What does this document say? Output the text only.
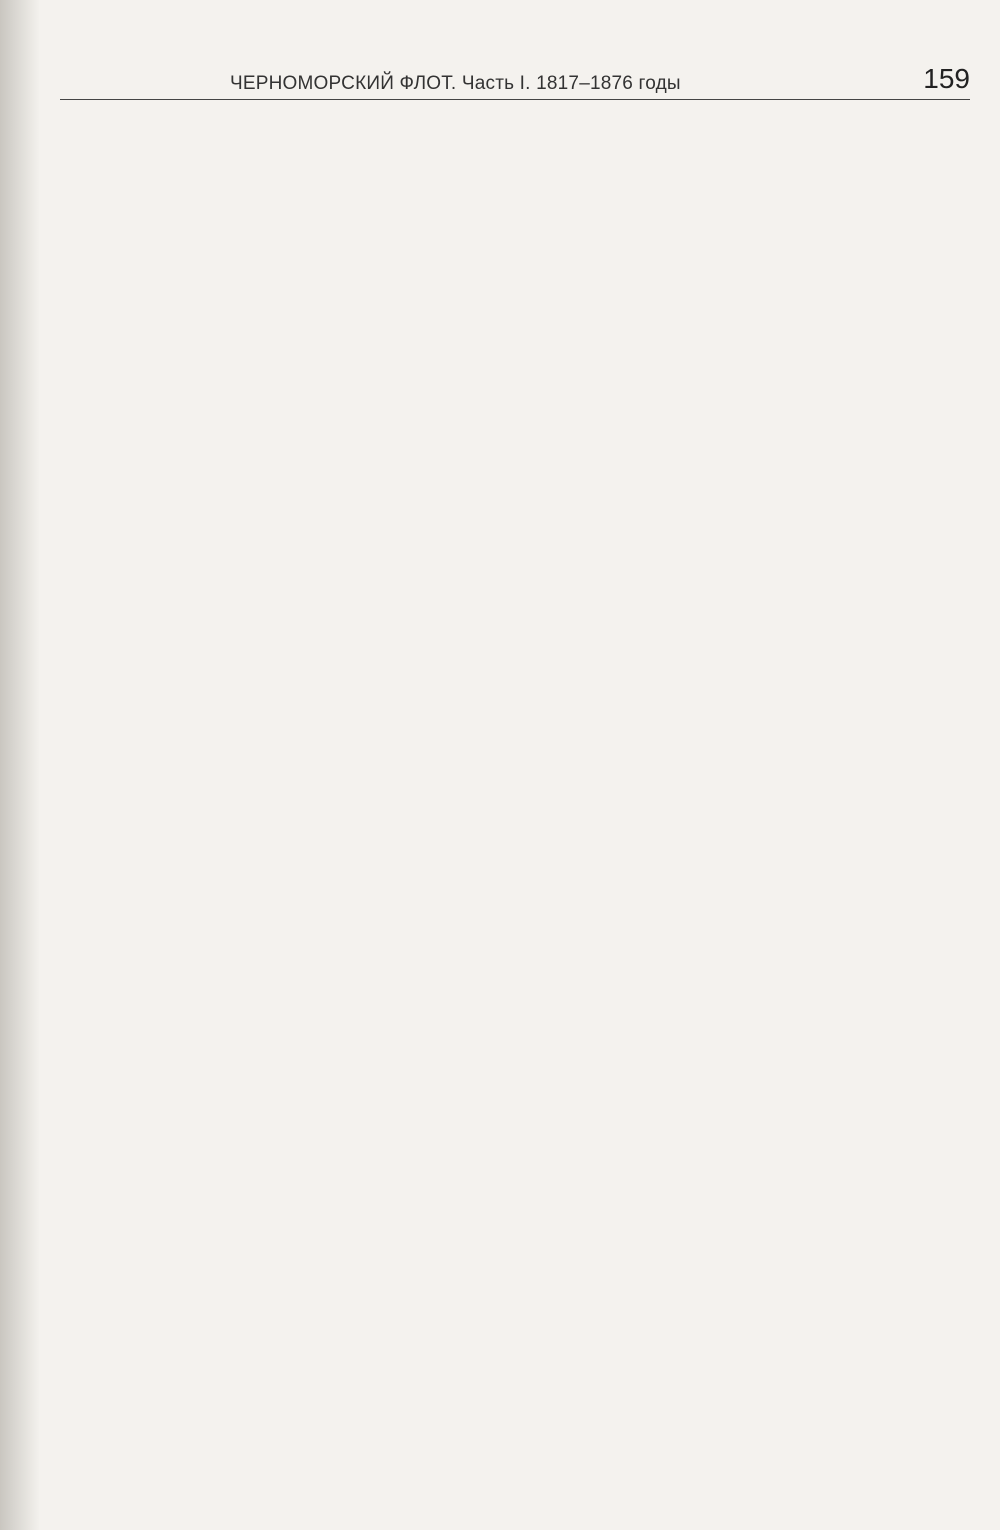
ЧЕРНОМОРСКИЙ ФЛОТ. Часть I. 1817–1876 годы	159
